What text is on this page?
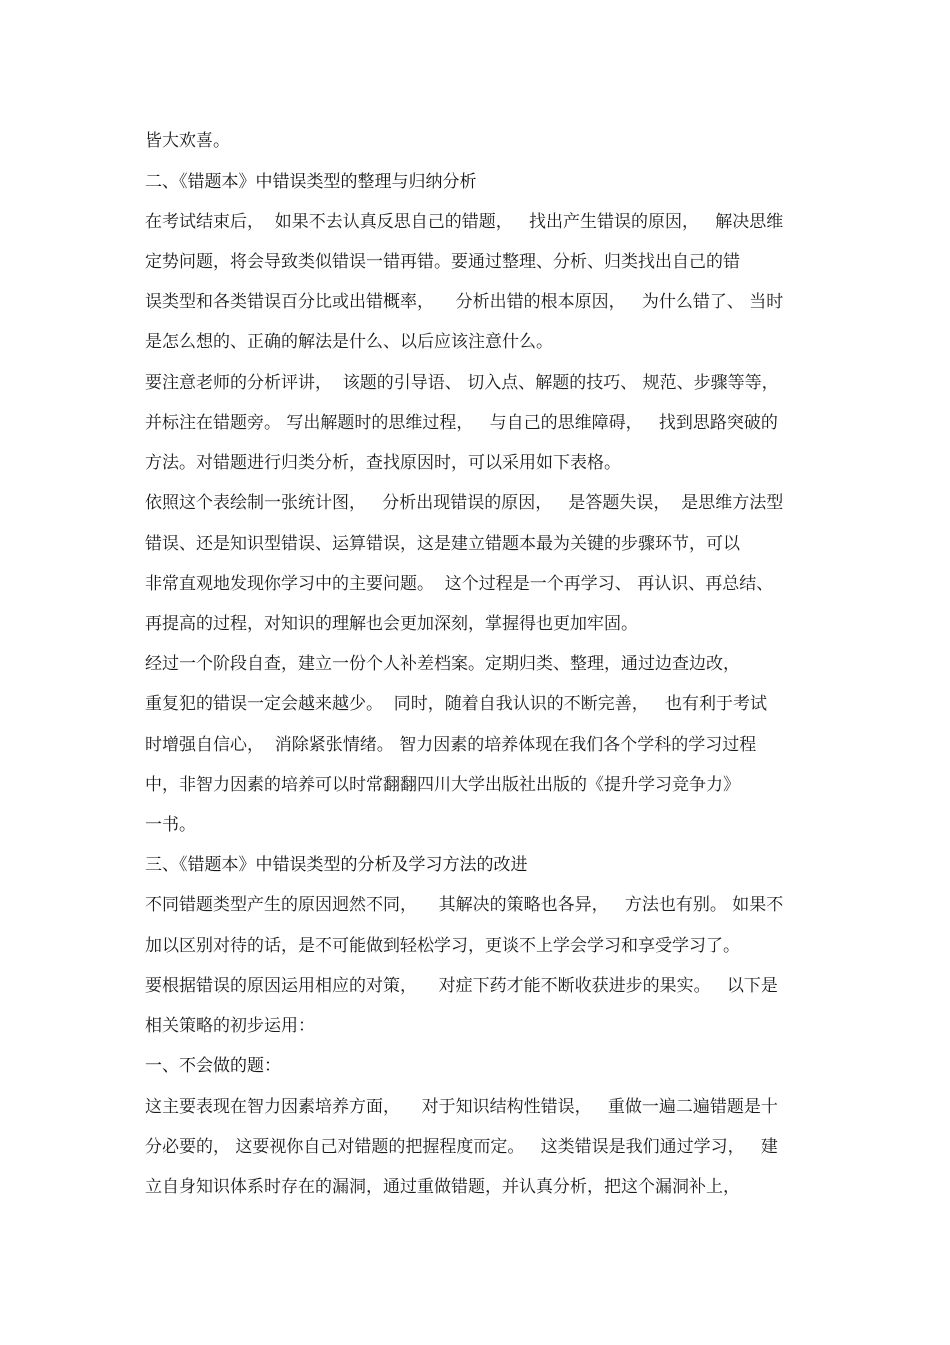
皆大欢喜。

二、《错题本》中错误类型的整理与归纳分析

在考试结束后，  如果不去认真反思自己的错题，   找出产生错误的原因，   解决思维

定势问题，将会导致类似错误一错再错。要通过整理、分析、归类找出自己的错

误类型和各类错误百分比或出错概率，    分析出错的根本原因，   为什么错了、 当时

是怎么想的、正确的解法是什么、以后应该注意什么。

要注意老师的分析评讲，  该题的引导语、 切入点、解题的技巧、 规范、步骤等等，

并标注在错题旁。 写出解题时的思维过程，   与自己的思维障碍，   找到思路突破的

方法。对错题进行归类分析，查找原因时，可以采用如下表格。

依照这个表绘制一张统计图，   分析出现错误的原因，   是答题失误，  是思维方法型

错误、还是知识型错误、运算错误，这是建立错题本最为关键的步骤环节，可以

非常直观地发现你学习中的主要问题。  这个过程是一个再学习、 再认识、再总结、

再提高的过程，对知识的理解也会更加深刻，掌握得也更加牢固。

经过一个阶段自查，建立一份个人补差档案。定期归类、整理，通过边查边改，

重复犯的错误一定会越来越少。  同时，随着自我认识的不断完善，   也有利于考试

时增强自信心，  消除紧张情绪。 智力因素的培养体现在我们各个学科的学习过程

中，非智力因素的培养可以时常翻翻四川大学出版社出版的《提升学习竞争力》

一书。

三、《错题本》中错误类型的分析及学习方法的改进

不同错题类型产生的原因迥然不同，    其解决的策略也各异，   方法也有别。 如果不

加以区别对待的话，是不可能做到轻松学习，更谈不上学会学习和享受学习了。

要根据错误的原因运用相应的对策，    对症下药才能不断收获进步的果实。   以下是

相关策略的初步运用：

一、不会做的题：

这主要表现在智力因素培养方面，    对于知识结构性错误，   重做一遍二遍错题是十

分必要的， 这要视你自己对错题的把握程度而定。   这类错误是我们通过学习，   建

立自身知识体系时存在的漏洞，通过重做错题，并认真分析，把这个漏洞补上，
